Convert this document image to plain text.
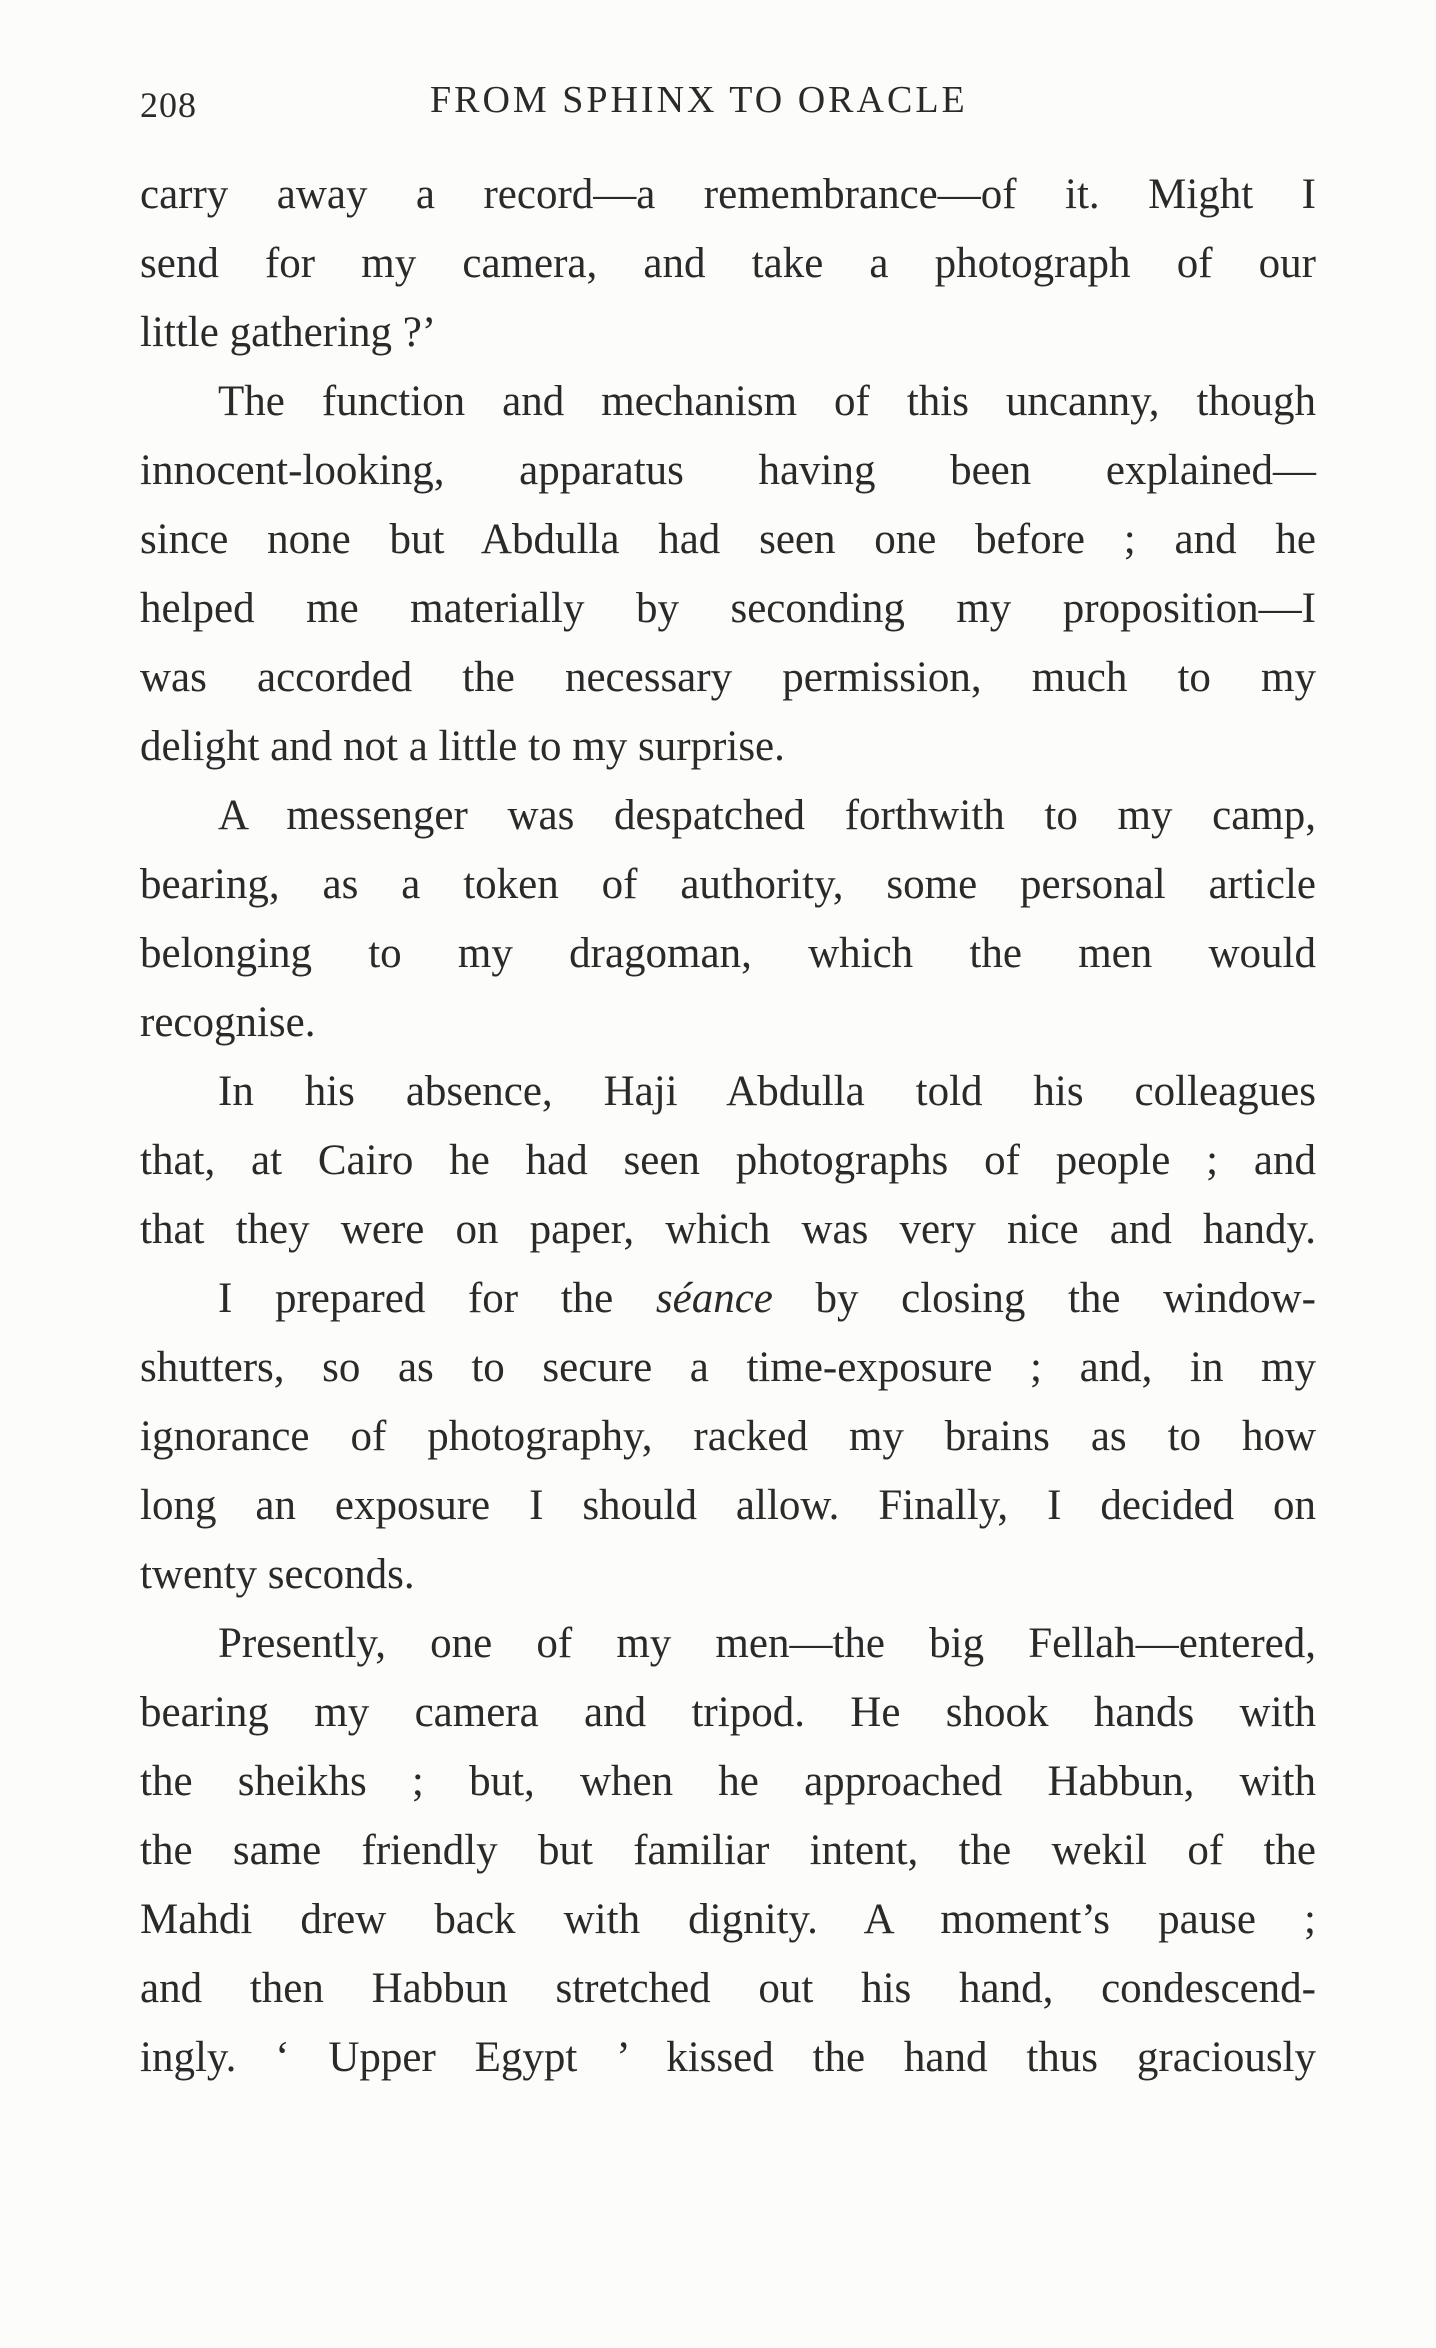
208	FROM SPHINX TO ORACLE
carry away a record—a remembrance—of it. Might I
send for my camera, and take a photograph of our
little gathering ?’
The function and mechanism of this uncanny, though
innocent-looking, apparatus having been explained—
since none but Abdulla had seen one before ; and he
helped me materially by seconding my proposition—I
was accorded the necessary permission, much to my
delight and not a little to my surprise.
A messenger was despatched forthwith to my camp,
bearing, as a token of authority, some personal article
belonging to my dragoman, which the men would
recognise.
In his absence, Haji Abdulla told his colleagues
that, at Cairo he had seen photographs of people ; and
that they were on paper, which was very nice and handy.
I prepared for the séance by closing the window-
shutters, so as to secure a time-exposure ; and, in my
ignorance of photography, racked my brains as to how
long an exposure I should allow. Finally, I decided on
twenty seconds.
Presently, one of my men—the big Fellah—entered,
bearing my camera and tripod. He shook hands with
the sheikhs ; but, when he approached Habbun, with
the same friendly but familiar intent, the wekil of the
Mahdi drew back with dignity. A moment’s pause ;
and then Habbun stretched out his hand, condescend-
ingly. ‘ Upper Egypt ’ kissed the hand thus graciously
